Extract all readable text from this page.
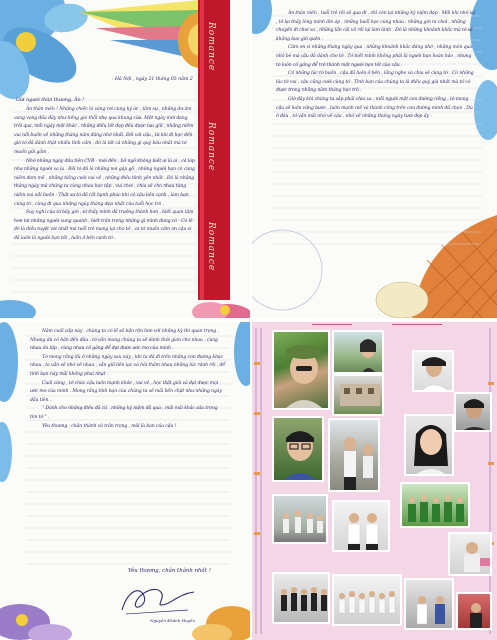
Romance
Romance
Romance
· Hà Nội , ngày 21 tháng 05 năm 2
Gửi người thân thương, Ân !

Ân thân mến ! Những chiếc lá vàng rơi cùng ký ức , tâm sự , những dư âm vang vọng đâu đây như tiếng gió thổi nhẹ qua khung cửa. Một ngày mới đang trôi qua, mỗi ngày một khác , những điều tốt đẹp đều được lưu giữ , những niềm vui nỗi buồn về những tháng năm đáng nhớ nhất. Đối với cậu , từ khi đi học đến giờ tớ đã dành thật nhiều tình cảm , đó là tất cả những gì quý báu nhất mà tớ muốn gửi gắm .

Nhớ những ngày đầu tiên CVB - mới đến , bỡ ngỡ không biết ai là ai , cả lớp như những người xa lạ . Rồi tớ đã là những nơi gặp gỡ , những người bạn có cùng niềm đam mê , những tiếng cười vui vẻ , những điều bình yên nhất . Đó là những tháng ngày mà chúng ta cùng nhau học tập , vui chơi , chia sẻ cho nhau từng niềm vui nỗi buồn - Thật sự tớ đã rất hạnh phúc khi có cậu bên cạnh , làm bạn cùng tớ , cùng đi qua những ngày tháng đẹp nhất của tuổi học trò .

Suy nghĩ của tớ bây giờ , tớ thấy mình đã trưởng thành hơn , biết quan tâm hơn tới những người xung quanh , biết trân trọng những gì mình đang có - Có lẽ đó là điều tuyệt vời nhất mà tuổi trẻ mang lại cho tớ , và tớ muốn cảm ơn cậu vì đã luôn là người bạn tốt , luôn ở bên cạnh tớ .

Ân thân mến , tuổi trẻ rồi sẽ qua đi , chỉ còn lại những kỷ niệm đẹp . Mỗi khi nhớ lại , tớ lại thấy lòng mình ấm áp , những buổi học cùng nhau , những giờ ra chơi , những chuyến đi chơi xa , những lần cãi vã rồi lại làm lành . Đó là những khoảnh khắc mà tớ sẽ không bao giờ quên .

Cảm ơn vì những tháng ngày qua , những khoảnh khắc đáng nhớ , những món quà nhỏ bé mà cậu đã dành cho tớ . Tớ biết mình không phải là người bạn hoàn hảo , nhưng tớ luôn cố gắng để trở thành một người bạn tốt của cậu .

Có những lúc tớ buồn , cậu đã luôn ở bên , lắng nghe và chia sẻ cùng tớ . Có những lúc tớ vui , cậu cũng cười cùng tớ . Tình bạn của chúng ta là điều quý giá nhất mà tớ có được trong những năm tháng học trò .

Giờ đây khi chúng ta sắp phải chia xa , mỗi người một con đường riêng , tớ mong cậu sẽ luôn vững bước , luôn mạnh mẽ và thành công trên con đường mình đã chọn . Dù ở đâu , tớ vẫn mãi nhớ về cậu , nhớ về những tháng ngày tươi đẹp ấy .

Năm cuối cấp này , chúng ta có lẽ sẽ bận rộn hơn với những kỳ thi quan trọng . Nhưng dù có bận đến đâu , tớ vẫn mong chúng ta sẽ dành thời gian cho nhau , cùng nhau ôn tập , cùng nhau cố gắng để đạt được ước mơ của mình .

Tớ mong rằng dù ở những ngày sau này , khi ta đã đi trên những con đường khác nhau , ta vẫn sẽ nhớ về nhau , vẫn giữ liên lạc và hỏi thăm nhau những lúc rảnh rỗi , để tình bạn này mãi không phai nhạt .

Cuối cùng , tớ chúc cậu luôn mạnh khỏe , vui vẻ , học thật giỏi và đạt được mọi ước mơ của mình . Mong rằng tình bạn của chúng ta sẽ mãi bền chặt như những ngày đầu tiên .

" Dành cho những điều đã cũ , những kỷ niệm đã qua , mãi mãi khắc sâu trong tim tớ " .

Yêu thương , chân thành và trân trọng , mãi là bạn của cậu !

Yêu thương, chân thành nhất !
Nguyễn Khánh Huyền
